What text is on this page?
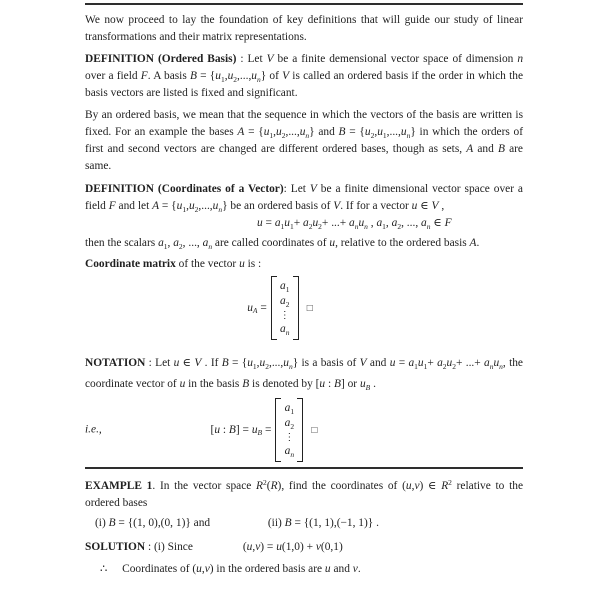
We now proceed to lay the foundation of key definitions that will guide our study of linear transformations and their matrix representations.

DEFINITION (Ordered Basis) : Let V be a finite demensional vector space of dimension n over a field F. A basis $B = \{u_1,u_2,...,u_n\}$ of V is called an ordered basis if the order in which the basis vectors are listed is fixed and significant.

By an ordered basis, we mean that the sequence in which the vectors of the basis are written is fixed. For an example the bases $A = \{u_1,u_2,...,u_n\}$ and $B = \{u_2,u_1,...,u_n\}$ in which the orders of first and second vectors are changed are different ordered bases, though as sets, A and B are same.

DEFINITION (Coordinates of a Vector): Let V be a finite dimensional vector space over a field F and let $A = \{u_1,u_2,...,u_n\}$ be an ordered basis of V. If for a vector u ∈ V ,

$u = a_1u_1+ a_2u_2+$ ...+ $a_nu_n$ , $a_1$, $a_2$, ..., $a_n$ ∈ F

then the scalars $a_1$, $a_2$, ..., $a_n$ are called coordinates of u, relative to the ordered basis A.

Coordinate matrix of the vector u is :

$u_A$ =
$a_1$
$a_2$
⋮
$a_n$
□

NOTATION : Let u ∈ V . If $B = \{u_1,u_2,...,u_n\}$ is a basis of V and $u = a_1u_1+ a_2u_2+$ ...+ $a_nu_n$, the coordinate vector of u in the basis B is denoted by [u : B] or $u_B$ .

i.e.,	[u : $B] = u_B$ =
$a_1$
$a_2$
⋮
$a_n$
□

EXAMPLE 1. In the vector space $R^2(R)$, find the coordinates of (u,v) ∈ $R^2$ relative to the ordered bases

(i) B = {(1, 0),(0, 1)} and	(ii) B = {(1, 1),(−1, 1)} .

SOLUTION : (i) Since	(u,v) = u(1,0) + v(0,1)

∴ Coordinates of (u,v) in the ordered basis are u and v.
